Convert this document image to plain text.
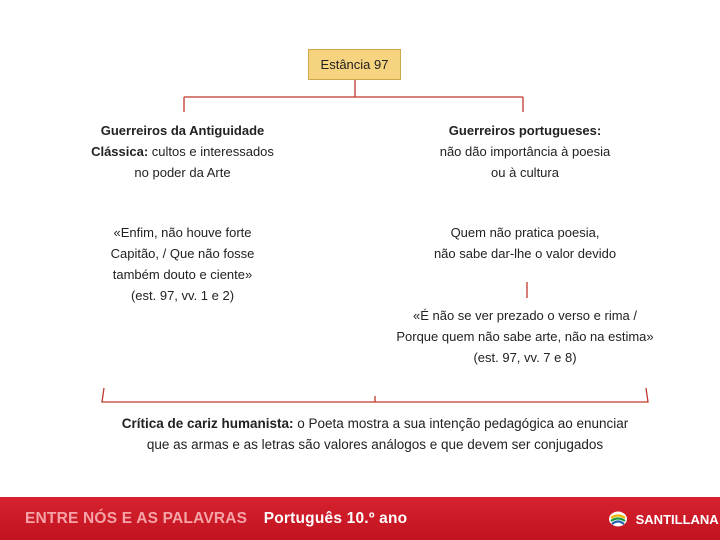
Estância 97
Guerreiros da Antiguidade
Clássica: cultos e interessados
no poder da Arte
«Enfim, não houve forte
Capitão, / Que não fosse
também douto e ciente»
(est. 97, vv. 1 e 2)
Guerreiros portugueses:
não dão importância à poesia
ou à cultura
Quem não pratica poesia,
não sabe dar-lhe o valor devido
«É não se ver prezado o verso e rima /
Porque quem não sabe arte, não na estima»
(est. 97, vv. 7 e 8)
Crítica de cariz humanista: o Poeta mostra a sua intenção pedagógica ao enunciar
que as armas e as letras são valores análogos e que devem ser conjugados
ENTRE NÓS E AS PALAVRAS Português 10.º ano	SANTILLANA
